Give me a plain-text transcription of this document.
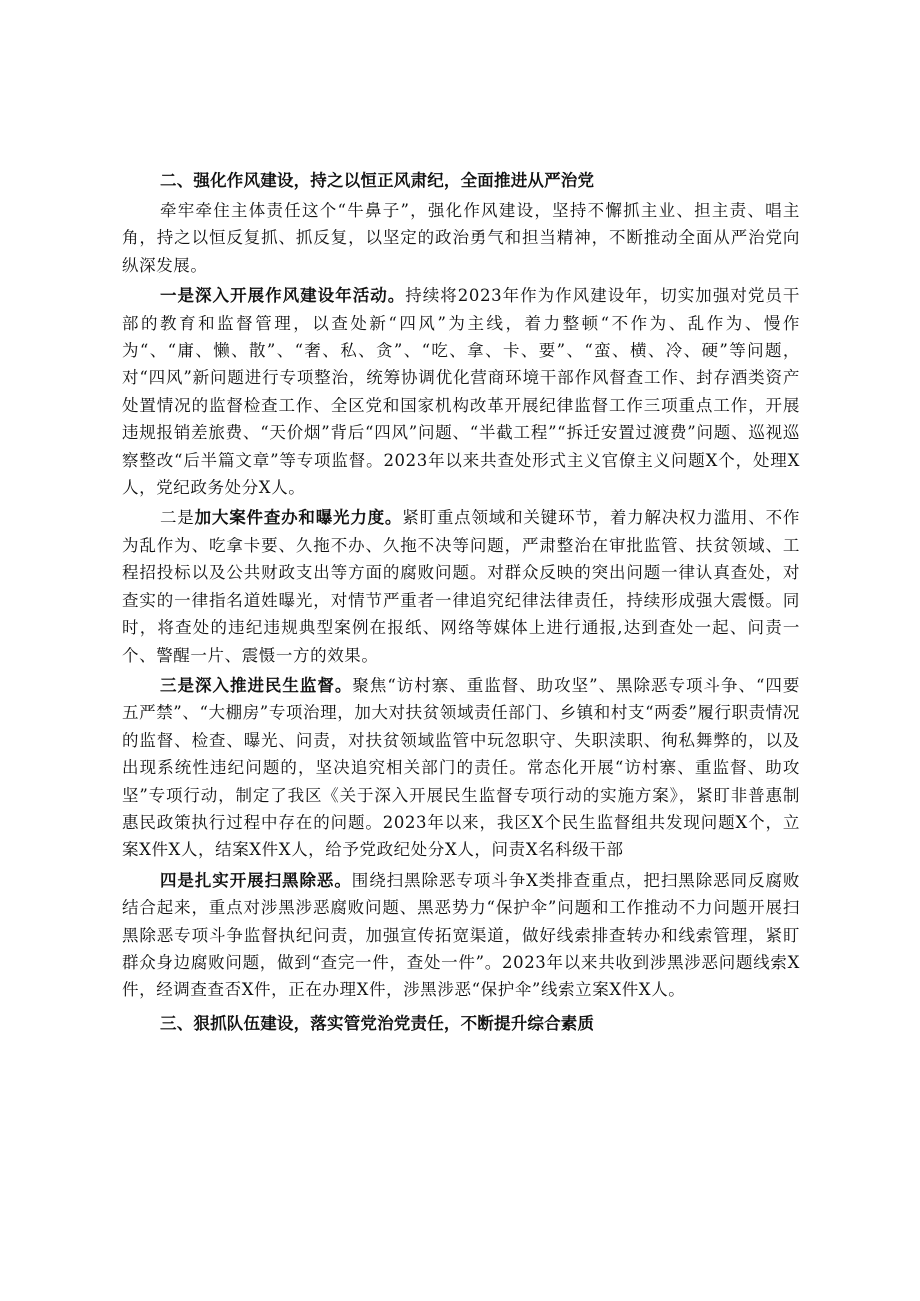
二、强化作风建设，持之以恒正风肃纪，全面推进从严治党

牵牢牵住主体责任这个“牛鼻子”，强化作风建设，坚持不懈抓主业、担主责、唱主角，持之以恒反复抓、抓反复，以坚定的政治勇气和担当精神，不断推动全面从严治党向纵深发展。

一是深入开展作风建设年活动。持续将2023年作为作风建设年，切实加强对党员干部的教育和监督管理，以查处新“四风”为主线，着力整顿“不作为、乱作为、慢作为“、“庸、懒、散”、“奢、私、贪”、“吃、拿、卡、要”、“蛮、横、冷、硬”等问题，对“四风”新问题进行专项整治，统筹协调优化营商环境干部作风督查工作、封存酒类资产处置情况的监督检查工作、全区党和国家机构改革开展纪律监督工作三项重点工作，开展违规报销差旅费、“天价烟”背后“四风”问题、“半截工程”“拆迁安置过渡费”问题、巡视巡察整改“后半篇文章”等专项监督。2023年以来共查处形式主义官僚主义问题X个，处理X人，党纪政务处分X人。

二是加大案件查办和曝光力度。紧盯重点领域和关键环节，着力解决权力滥用、不作为乱作为、吃拿卡要、久拖不办、久拖不决等问题，严肃整治在审批监管、扶贫领域、工程招投标以及公共财政支出等方面的腐败问题。对群众反映的突出问题一律认真查处，对查实的一律指名道姓曝光，对情节严重者一律追究纪律法律责任，持续形成强大震慑。同时，将查处的违纪违规典型案例在报纸、网络等媒体上进行通报,达到查处一起、问责一个、警醒一片、震慑一方的效果。

三是深入推进民生监督。聚焦“访村寨、重监督、助攻坚”、黑除恶专项斗争、“四要五严禁”、“大棚房”专项治理，加大对扶贫领域责任部门、乡镇和村支“两委”履行职责情况的监督、检查、曝光、问责，对扶贫领域监管中玩忽职守、失职渎职、徇私舞弊的，以及出现系统性违纪问题的，坚决追究相关部门的责任。常态化开展“访村寨、重监督、助攻坚”专项行动，制定了我区《关于深入开展民生监督专项行动的实施方案》，紧盯非普惠制惠民政策执行过程中存在的问题。2023年以来，我区X个民生监督组共发现问题X个，立案X件X人，结案X件X人，给予党政纪处分X人，问责X名科级干部

四是扎实开展扫黑除恶。围绕扫黑除恶专项斗争X类排查重点，把扫黑除恶同反腐败结合起来，重点对涉黑涉恶腐败问题、黑恶势力“保护伞”问题和工作推动不力问题开展扫黑除恶专项斗争监督执纪问责，加强宣传拓宽渠道，做好线索排查转办和线索管理，紧盯群众身边腐败问题，做到“查完一件，查处一件”。2023年以来共收到涉黑涉恶问题线索X件，经调查查否X件，正在办理X件，涉黑涉恶“保护伞”线索立案X件X人。

三、狠抓队伍建设，落实管党治党责任，不断提升综合素质
